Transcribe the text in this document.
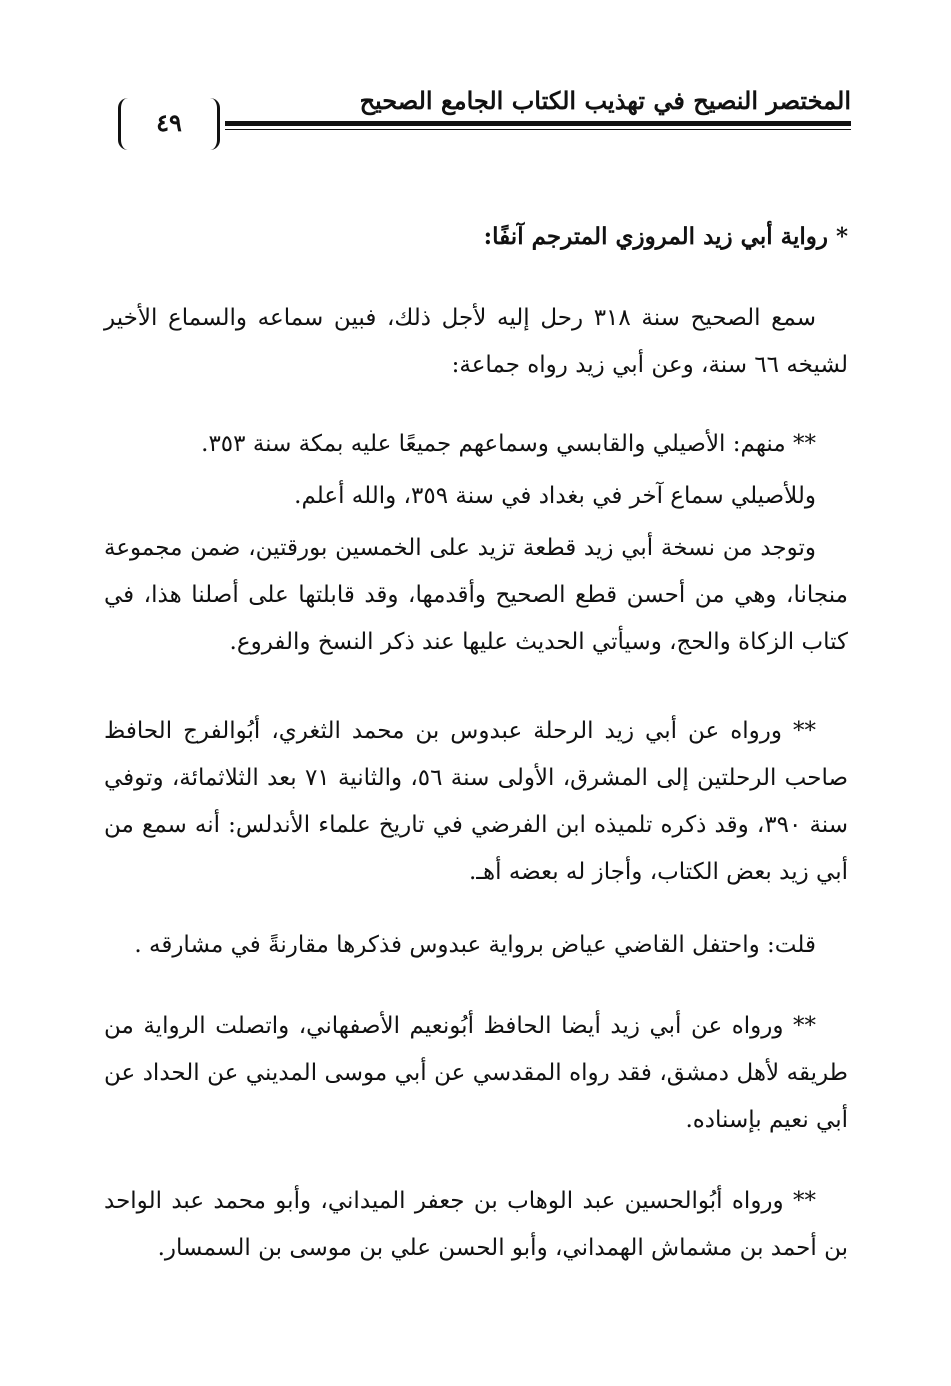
المختصر النصيح في تهذيب الكتاب الجامع الصحيح
٤٩
* رواية أبي زيد المروزي المترجم آنفًا:
سمع الصحيح سنة ٣١٨ رحل إليه لأجل ذلك، فبين سماعه والسماع الأخير لشيخه ٦٦ سنة، وعن أبي زيد رواه جماعة:
** منهم: الأصيلي والقابسي وسماعهم جميعًا عليه بمكة سنة ٣٥٣.
وللأصيلي سماع آخر في بغداد في سنة ٣٥٩، والله أعلم.
وتوجد من نسخة أبي زيد قطعة تزيد على الخمسين بورقتين، ضمن مجموعة منجانا، وهي من أحسن قطع الصحيح وأقدمها، وقد قابلتها على أصلنا هذا، في كتاب الزكاة والحج، وسيأتي الحديث عليها عند ذكر النسخ والفروع.
** ورواه عن أبي زيد الرحلة عبدوس بن محمد الثغري، أبُوالفرج الحافظ صاحب الرحلتين إلى المشرق، الأولى سنة ٥٦، والثانية ٧١ بعد الثلاثمائة، وتوفي سنة ٣٩٠، وقد ذكره تلميذه ابن الفرضي في تاريخ علماء الأندلس: أنه سمع من أبي زيد بعض الكتاب، وأجاز له بعضه أهـ.
قلت: واحتفل القاضي عياض برواية عبدوس فذكرها مقارنةً في مشارقه .
** ورواه عن أبي زيد أيضا الحافظ أبُونعيم الأصفهاني، واتصلت الرواية من طريقه لأهل دمشق، فقد رواه المقدسي عن أبي موسى المديني عن الحداد عن أبي نعيم بإسناده.
** ورواه أبُوالحسين عبد الوهاب بن جعفر الميداني، وأبو محمد عبد الواحد بن أحمد بن مشماش الهمداني، وأبو الحسن علي بن موسى بن السمسار.
